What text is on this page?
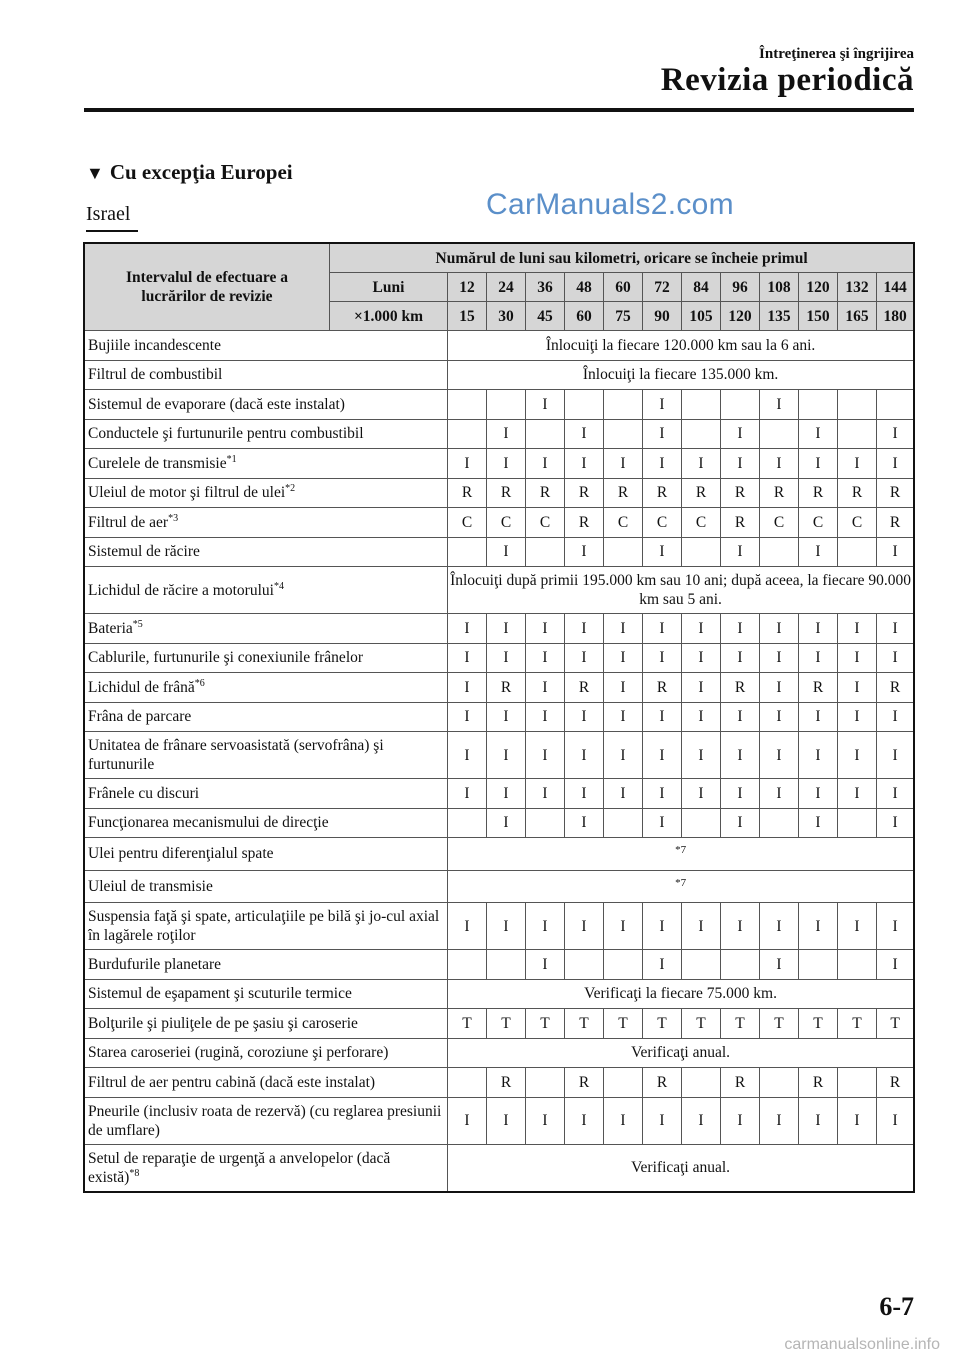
Întreţinerea şi îngrijirea
Revizia periodică
▼ Cu excepţia Europei
Israel	CarManuals2.com
Intervalul de efectuare a lucrărilor de revizie	Numărul de luni sau kilometri, oricare se încheie primul												
	Luni	12	24	36	48	60	72	84	96	108	120	132	144
	×1.000 km	15	30	45	60	75	90	105	120	135	150	165	180
Bujiile incandescente		Înlocuiţi la fiecare 120.000 km sau la 6 ani.											
Filtrul de combustibil		Înlocuiţi la fiecare 135.000 km.											
Sistemul de evaporare (dacă este instalat)				I			I			I			
Conductele şi furtunurile pentru combustibil			I		I		I		I		I		I
Curelele de transmisie$^{*1}$		I	I	I	I	I	I	I	I	I	I	I	I
Uleiul de motor şi filtrul de ulei$^{*2}$		R	R	R	R	R	R	R	R	R	R	R	R
Filtrul de aer$^{*3}$		C	C	C	R	C	C	C	R	C	C	C	R
Sistemul de răcire			I		I		I		I		I		I
Lichidul de răcire a motorului$^{*4}$		Înlocuiţi după primii 195.000 km sau 10 ani; după aceea, la fiecare 90.000 km sau 5 ani.											
Bateria$^{*5}$		I	I	I	I	I	I	I	I	I	I	I	I
Cablurile, furtunurile şi conexiunile frânelor		I	I	I	I	I	I	I	I	I	I	I	I
Lichidul de frână$^{*6}$		I	R	I	R	I	R	I	R	I	R	I	R
Frâna de parcare		I	I	I	I	I	I	I	I	I	I	I	I
Unitatea de frânare servoasistată (servofrâna) şi furtunurile		I	I	I	I	I	I	I	I	I	I	I	I
Frânele cu discuri		I	I	I	I	I	I	I	I	I	I	I	I
Funcţionarea mecanismului de direcţie			I		I		I		I		I		I
Ulei pentru diferenţialul spate		*7											
Uleiul de transmisie		*7											
Suspensia faţă şi spate, articulaţiile pe bilă şi jo-cul axial în lagărele roţilor		I	I	I	I	I	I	I	I	I	I	I	I
Burdufurile planetare				I			I			I			I
Sistemul de eşapament şi scuturile termice		Verificaţi la fiecare 75.000 km.											
Bolţurile şi piuliţele de pe şasiu şi caroserie		T	T	T	T	T	T	T	T	T	T	T	T
Starea caroseriei (rugină, coroziune şi perforare)		Verificaţi anual.											
Filtrul de aer pentru cabină (dacă este instalat)			R		R		R		R		R		R
Pneurile (inclusiv roata de rezervă) (cu reglarea presiunii de umflare)		I	I	I	I	I	I	I	I	I	I	I	I
Setul de reparaţie de urgenţă a anvelopelor (dacă există)$^{*8}$		Verificaţi anual.											
6-7
carmanualsonline.info
